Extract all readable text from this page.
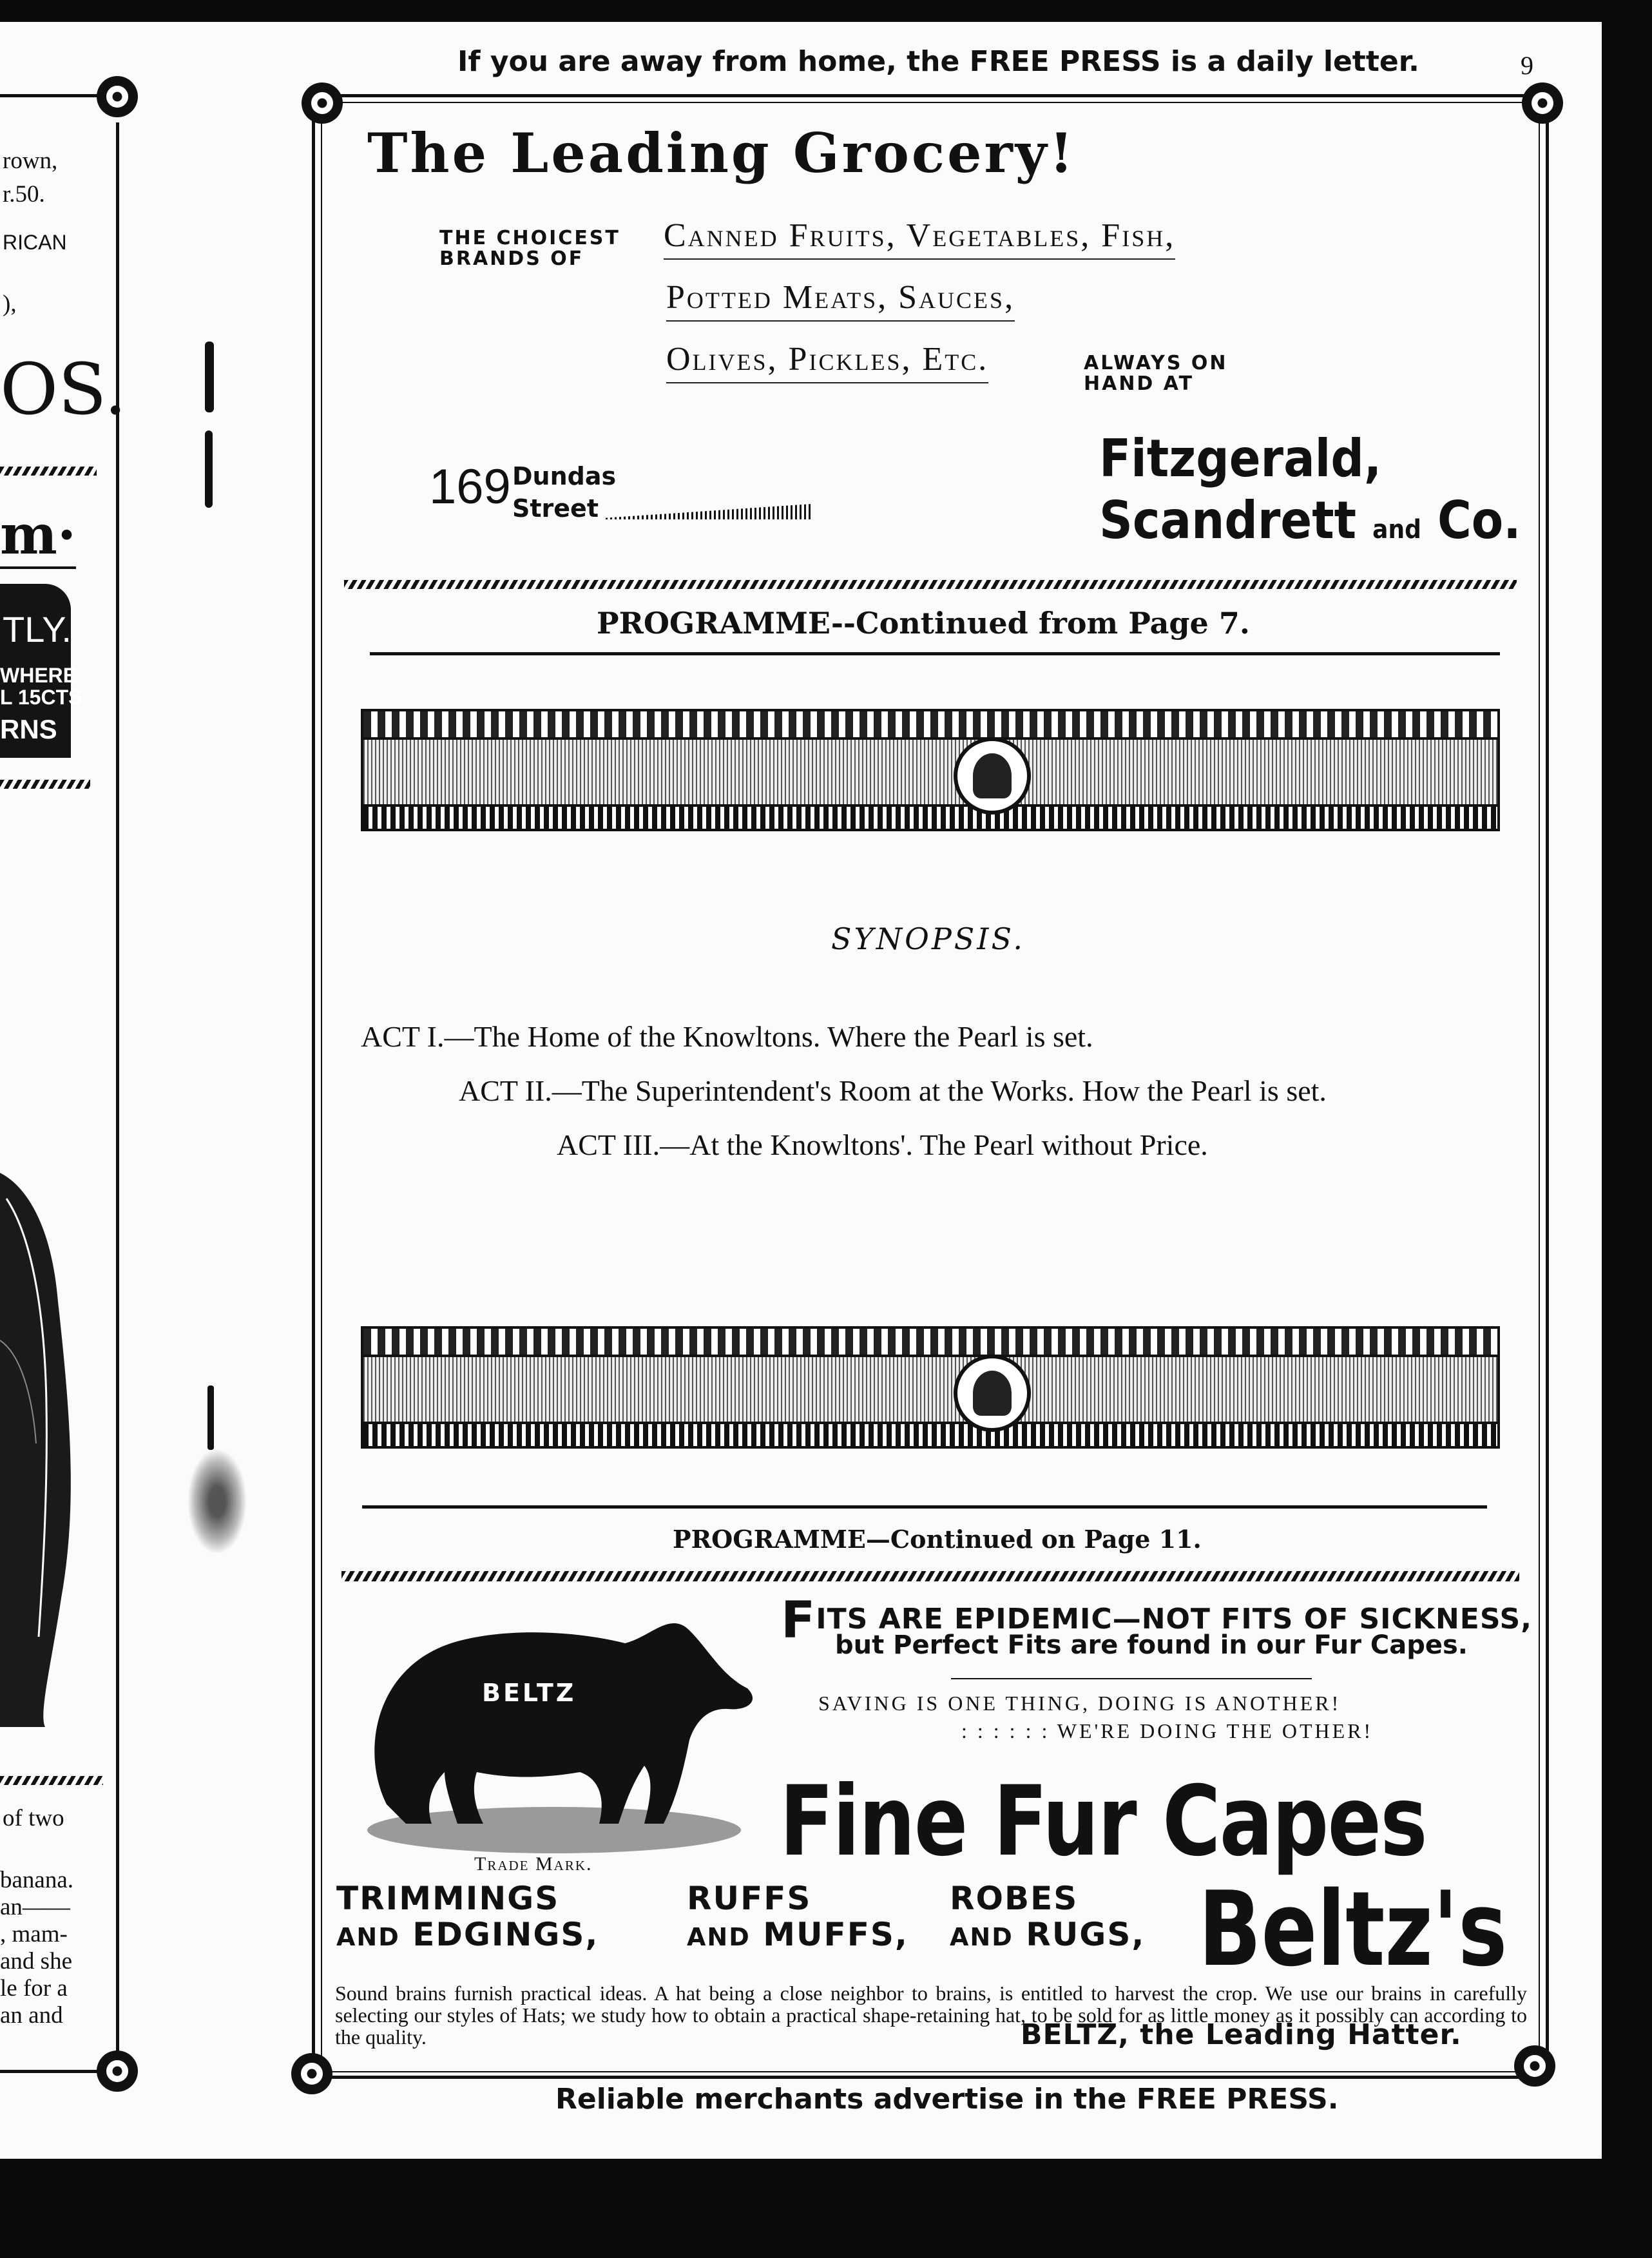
rown,
r.50.
RICAN
),
OS.
m·
TLY.
WHERE
L 15CTS
RNS
of two
banana.
an——
, mam-
and she
le for a
an and
If you are away from home, the FREE PRESS is a daily letter.	9
Reliable merchants advertise in the FREE PRESS.
The Leading Grocery!
THE CHOICEST BRANDS OF
Canned Fruits, Vegetables, Fish,
Potted Meats, Sauces,
Olives, Pickles, Etc.	ALWAYS ON HAND AT
169 Dundas
Street
Fitzgerald,
Scandrett and Co.
PROGRAMME--Continued from Page 7.
SYNOPSIS.
ACT I.—The Home of the Knowltons. Where the Pearl is set.
ACT II.—The Superintendent's Room at the Works. How the Pearl is set.
ACT III.—At the Knowltons'. The Pearl without Price.
PROGRAMME—Continued on Page 11.
BELTZ
Trade Mark.
FITS ARE EPIDEMIC—NOT FITS OF SICKNESS,
but Perfect Fits are found in our Fur Capes.
SAVING IS ONE THING, DOING IS ANOTHER!
: : : : : : WE'RE DOING THE OTHER!
Fine Fur Capes
TRIMMINGS
AND EDGINGS,
RUFFS
AND MUFFS,
ROBES
AND RUGS, Beltz's
Sound brains furnish practical ideas. A hat being a close neighbor to brains, is entitled to harvest the crop. We use our brains in carefully selecting our styles of Hats; we study how to obtain a practical shape-retaining hat, to be sold for as little money as it possibly can according to the quality.	BELTZ, the Leading Hatter.
